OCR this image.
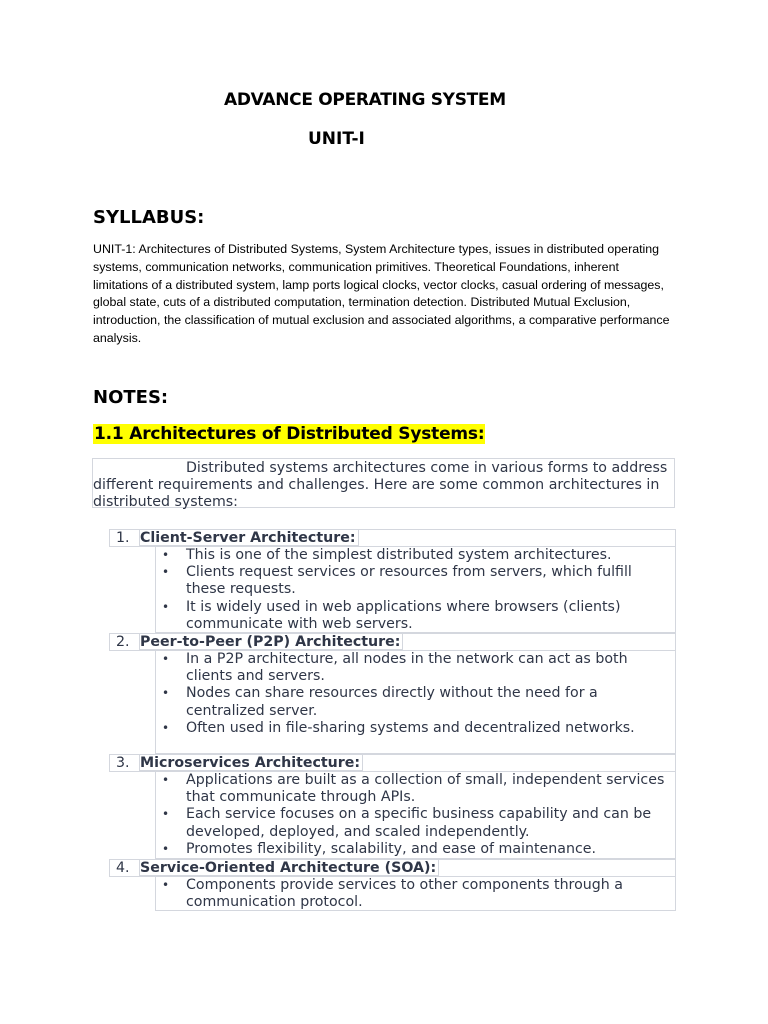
ADVANCE OPERATING SYSTEM
UNIT-I
SYLLABUS:
UNIT-1: Architectures of Distributed Systems, System Architecture types, issues in distributed operating systems, communication networks, communication primitives. Theoretical Foundations, inherent limitations of a distributed system, lamp ports logical clocks, vector clocks, casual ordering of messages, global state, cuts of a distributed computation, termination detection. Distributed Mutual Exclusion, introduction, the classification of mutual exclusion and associated algorithms, a comparative performance analysis.
NOTES:
1.1 Architectures of Distributed Systems:
Distributed systems architectures come in various forms to address different requirements and challenges. Here are some common architectures in distributed systems:
1. Client-Server Architecture:
• This is one of the simplest distributed system architectures.
• Clients request services or resources from servers, which fulfill these requests.
• It is widely used in web applications where browsers (clients) communicate with web servers.
2. Peer-to-Peer (P2P) Architecture:
• In a P2P architecture, all nodes in the network can act as both clients and servers.
• Nodes can share resources directly without the need for a centralized server.
• Often used in file-sharing systems and decentralized networks.
3. Microservices Architecture:
• Applications are built as a collection of small, independent services that communicate through APIs.
• Each service focuses on a specific business capability and can be developed, deployed, and scaled independently.
• Promotes flexibility, scalability, and ease of maintenance.
4. Service-Oriented Architecture (SOA):
• Components provide services to other components through a communication protocol.
